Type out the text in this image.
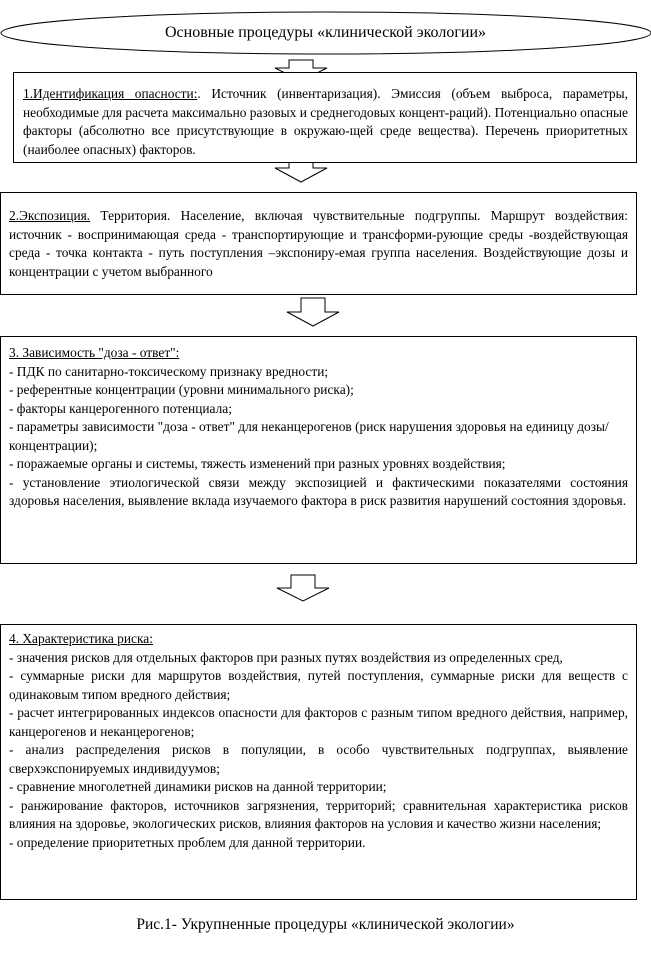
Основные процедуры «клинической экологии»

1.Идентификация опасности:. Источник (инвентаризация). Эмиссия (объем выброса, параметры, необходимые для расчета максимально разовых и среднегодовых концент-раций). Потенциально опасные факторы (абсолютно все присутствующие в окружаю-щей среде вещества). Перечень приоритетных (наиболее опасных) факторов.

2.Экспозиция. Территория. Население, включая чувствительные подгруппы. Маршрут воздействия: источник - воспринимающая среда - транспортирующие и трансформи-рующие среды -воздействующая среда - точка контакта - путь поступления –экспониру-емая группа населения. Воздействующие дозы и концентрации с учетом выбранного

3. Зависимость "доза - ответ":

- ПДК по санитарно-токсическому признаку вредности;

- референтные концентрации (уровни минимального риска);

- факторы канцерогенного потенциала;

- параметры зависимости "доза - ответ" для неканцерогенов (риск нарушения здоровья на единицу дозы/концентрации);

- поражаемые органы и системы, тяжесть изменений при разных уровнях воздействия;

- установление этиологической связи между экспозицией и фактическими показателями состояния здоровья населения, выявление вклада изучаемого фактора в риск развития нарушений состояния здоровья.

4. Характеристика риска:

- значения рисков для отдельных факторов при разных путях воздействия из определенных сред,

- суммарные риски для маршрутов воздействия, путей поступления, суммарные риски для веществ с одинаковым типом вредного действия;

- расчет интегрированных индексов опасности для факторов с разным типом вредного действия, например, канцерогенов и неканцерогенов;

- анализ распределения рисков в популяции, в особо чувствительных подгруппах, выявление сверхэкспонируемых индивидуумов;

- сравнение многолетней динамики рисков на данной территории;

- ранжирование факторов, источников загрязнения, территорий; сравнительная характеристика рисков влияния на здоровье, экологических рисков, влияния факторов на условия и качество жизни населения;

- определение приоритетных проблем для данной территории.

Рис.1- Укрупненные процедуры «клинической экологии»
